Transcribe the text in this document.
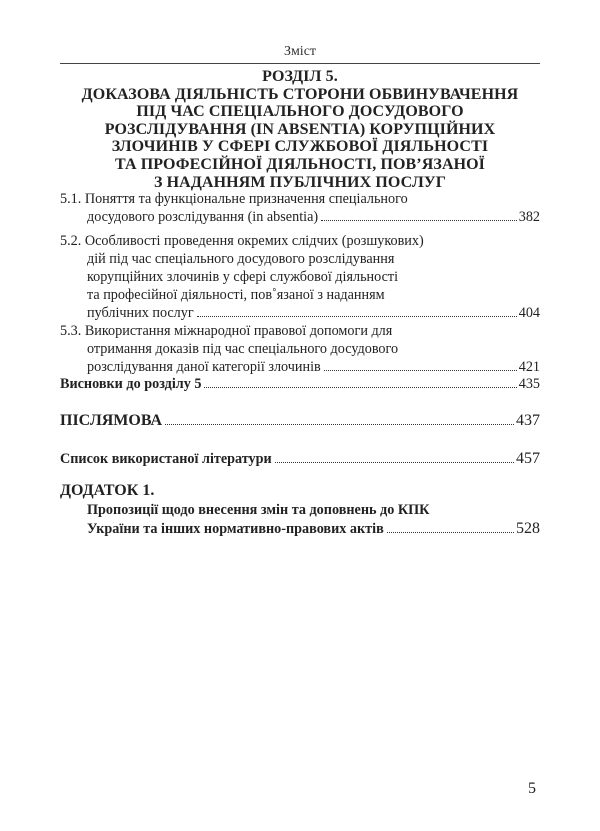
Зміст
РОЗДІЛ 5.
ДОКАЗОВА ДІЯЛЬНІСТЬ СТОРОНИ ОБВИНУВАЧЕННЯ
ПІД ЧАС СПЕЦІАЛЬНОГО ДОСУДОВОГО
РОЗСЛІДУВАННЯ (IN ABSENTIA) КОРУПЦІЙНИХ
ЗЛОЧИНІВ У СФЕРІ СЛУЖБОВОЇ ДІЯЛЬНОСТІ
ТА ПРОФЕСІЙНОЇ ДІЯЛЬНОСТІ, ПОВ’ЯЗАНОЇ
З НАДАННЯМ ПУБЛІЧНИХ ПОСЛУГ
5.1. Поняття та функціональне призначення спеціального
досудового розслідування (in absentia)	382
5.2. Особливості проведення окремих слідчих (розшукових)
дій під час спеціального досудового розслідування
корупційних злочинів у сфері службової діяльності
та професійної діяльності, пов˚язаної з наданням
публічних послуг	404
5.3. Використання міжнародної правової допомоги для
отримання доказів під час спеціального досудового
розслідування даної категорії злочинів	421
Висновки до розділу 5	435
ПІСЛЯМОВА	437
Список використаної літератури	457
ДОДАТОК 1.
Пропозиції щодо внесення змін та доповнень до КПК
України та інших нормативно-правових актів	528
5
